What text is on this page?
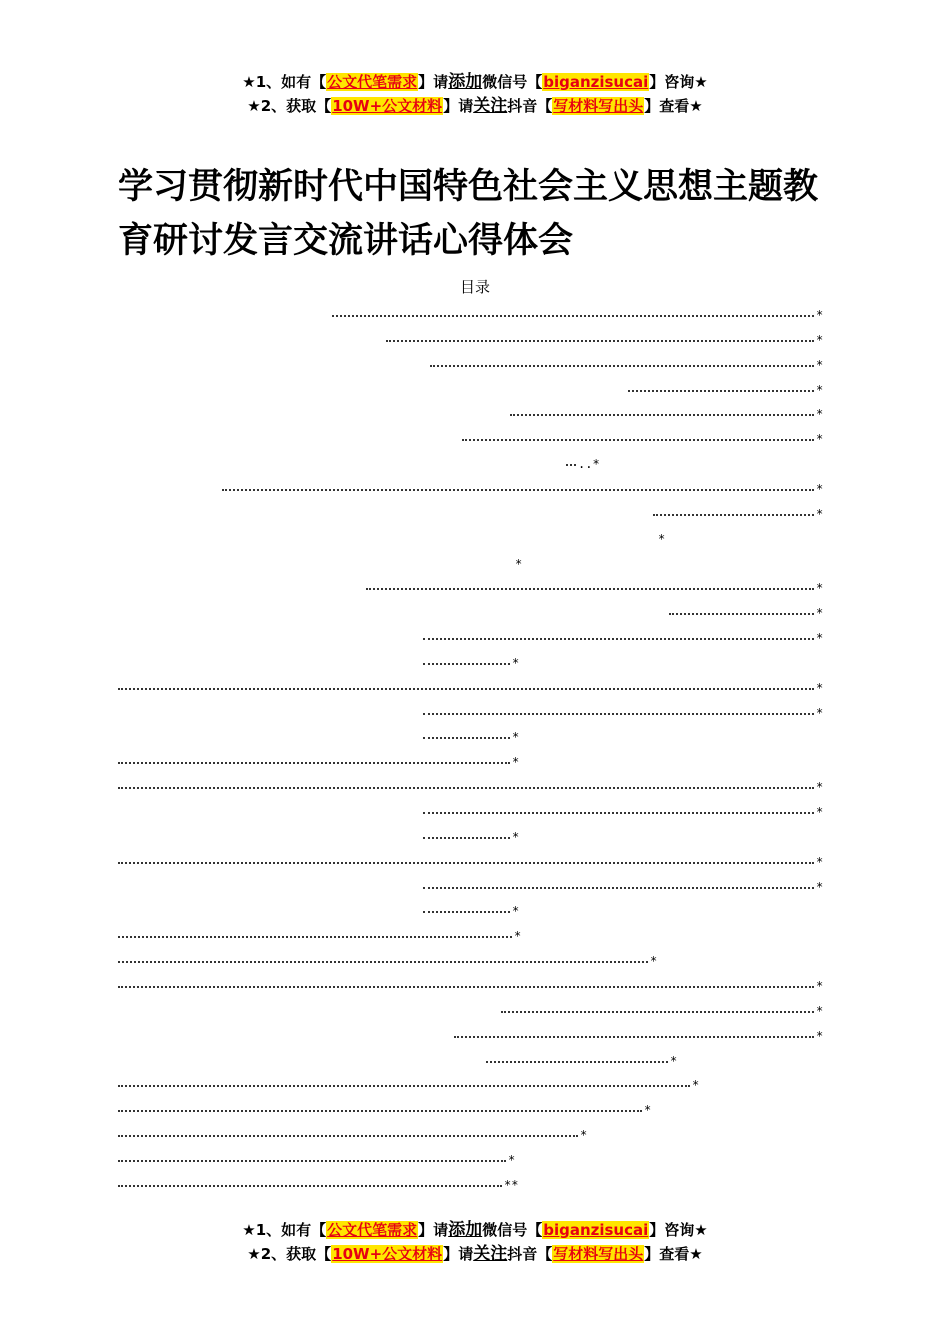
★1、如有【公文代笔需求】请添加微信号【biganzisucai】咨询★
★2、获取【10W+公文材料】请关注抖音【写材料写出头】查看★
学习贯彻新时代中国特色社会主义思想主题教育研讨发言交流讲话心得体会
目录
*
*
*
*
*
*
..*
*
*
*
*
*
*
*
*
*
*
*
*
*
*
*
*
*
*
*
*
*
*
*
*
*
*
*
*
**
★1、如有【公文代笔需求】请添加微信号【biganzisucai】咨询★
★2、获取【10W+公文材料】请关注抖音【写材料写出头】查看★
